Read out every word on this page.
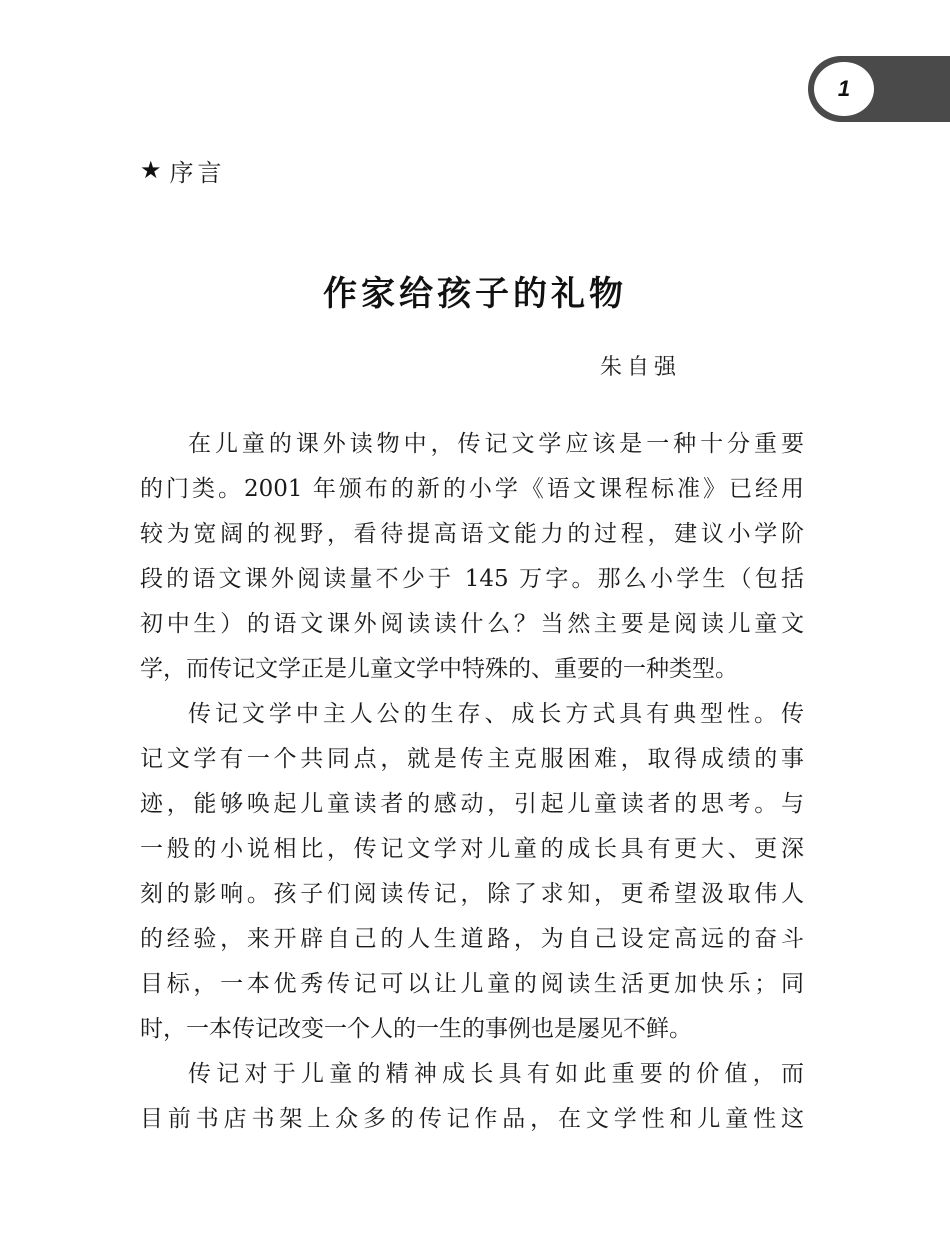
1
★ 序言
作家给孩子的礼物
朱自强
在儿童的课外读物中，传记文学应该是一种十分重要
的门类。2001 年颁布的新的小学《语文课程标准》已经用
较为宽阔的视野，看待提高语文能力的过程，建议小学阶
段的语文课外阅读量不少于 145 万字。那么小学生（包括
初中生）的语文课外阅读读什么？当然主要是阅读儿童文
学，而传记文学正是儿童文学中特殊的、重要的一种类型。
传记文学中主人公的生存、成长方式具有典型性。传
记文学有一个共同点，就是传主克服困难，取得成绩的事
迹，能够唤起儿童读者的感动，引起儿童读者的思考。与
一般的小说相比，传记文学对儿童的成长具有更大、更深
刻的影响。孩子们阅读传记，除了求知，更希望汲取伟人
的经验，来开辟自己的人生道路，为自己设定高远的奋斗
目标，一本优秀传记可以让儿童的阅读生活更加快乐；同
时，一本传记改变一个人的一生的事例也是屡见不鲜。
传记对于儿童的精神成长具有如此重要的价值，而
目前书店书架上众多的传记作品，在文学性和儿童性这
